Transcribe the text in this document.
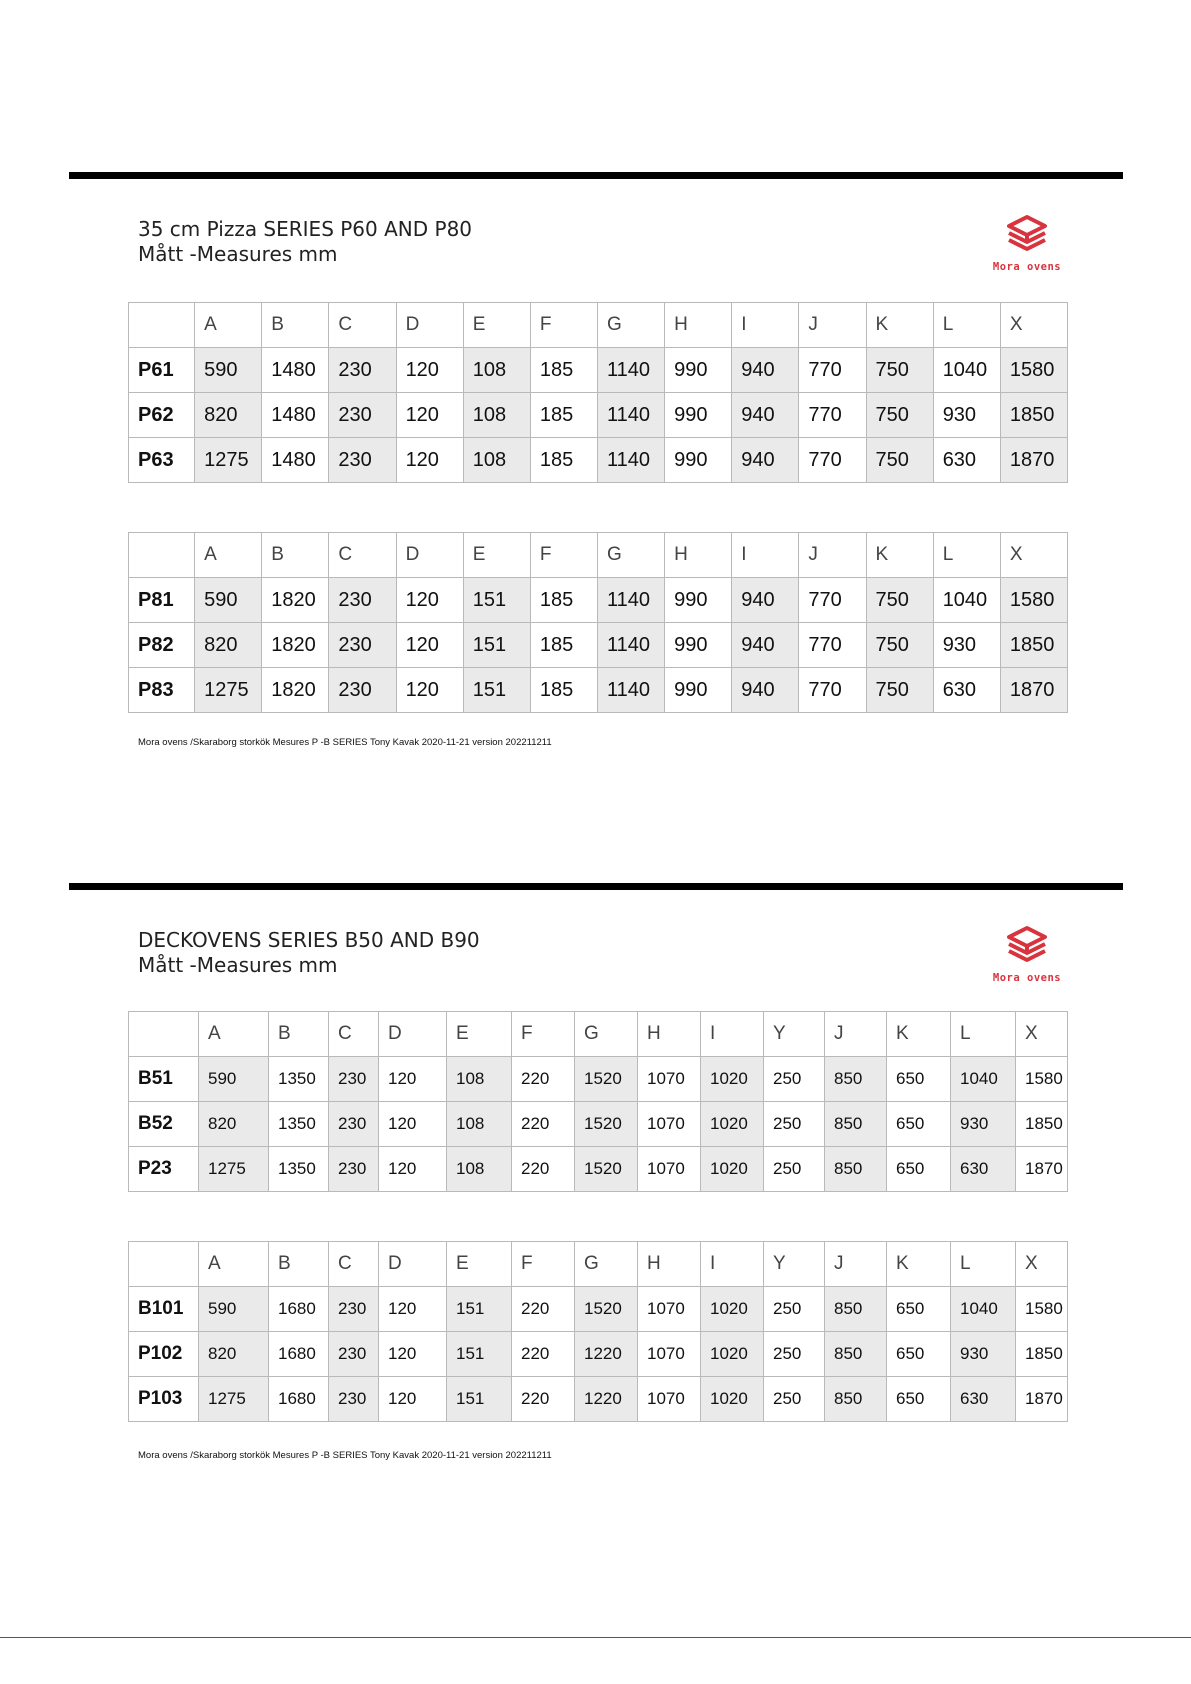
35 cm Pizza SERIES P60 AND P80
Mått -Measures mm
Mora ovens
	A	B	C	D	E	F	G	H	I	J	K	L	X
P61	590	1480	230	120	108	185	1140	990	940	770	750	1040	1580
P62	820	1480	230	120	108	185	1140	990	940	770	750	930	1850
P63	1275	1480	230	120	108	185	1140	990	940	770	750	630	1870
	A	B	C	D	E	F	G	H	I	J	K	L	X
P81	590	1820	230	120	151	185	1140	990	940	770	750	1040	1580
P82	820	1820	230	120	151	185	1140	990	940	770	750	930	1850
P83	1275	1820	230	120	151	185	1140	990	940	770	750	630	1870
Mora ovens /Skaraborg storkök Mesures P -B SERIES Tony Kavak 2020-11-21 version 202211211
DECKOVENS SERIES B50 AND B90
Mått -Measures mm
Mora ovens
	A	B	C	D	E	F	G	H	I	Y	J	K	L	X
B51	590	1350	230	120	108	220	1520	1070	1020	250	850	650	1040	1580
B52	820	1350	230	120	108	220	1520	1070	1020	250	850	650	930	1850
P23	1275	1350	230	120	108	220	1520	1070	1020	250	850	650	630	1870
	A	B	C	D	E	F	G	H	I	Y	J	K	L	X
B101	590	1680	230	120	151	220	1520	1070	1020	250	850	650	1040	1580
P102	820	1680	230	120	151	220	1220	1070	1020	250	850	650	930	1850
P103	1275	1680	230	120	151	220	1220	1070	1020	250	850	650	630	1870
Mora ovens /Skaraborg storkök Mesures P -B SERIES Tony Kavak 2020-11-21 version 202211211
